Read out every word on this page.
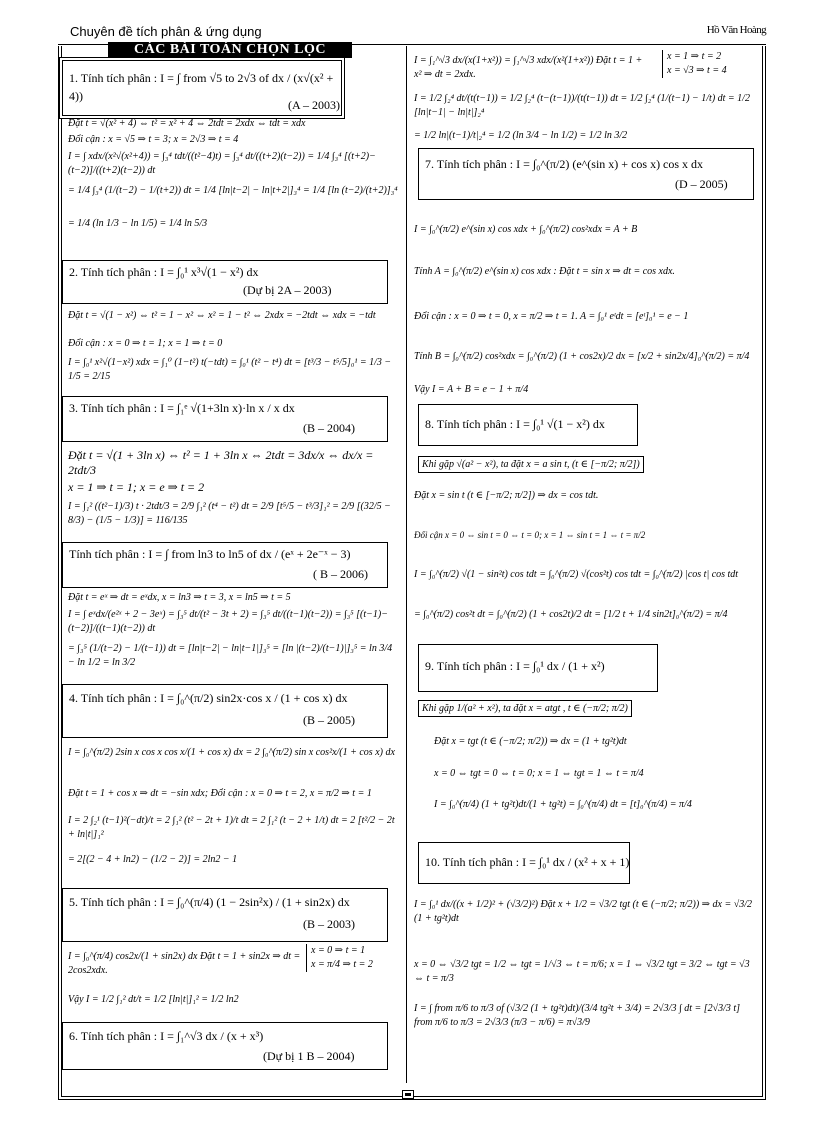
Chuyên đề tích phân & ứng dụng	Hồ Văn Hoàng
CÁC BÀI TOÁN CHỌN LỌC
1. Tính tích phân : I = ∫ from √5 to 2√3 of dx / (x√(x² + 4))
(A – 2003)
Đặt t = √(x² + 4) ⇔ t² = x² + 4 ⇔ 2tdt = 2xdx ⇔ tdt = xdx
Đổi cận : x = √5 ⇒ t = 3; x = 2√3 ⇒ t = 4
I = ∫ xdx/(x²√(x²+4)) = ∫₃⁴ tdt/((t²−4)t) = ∫₃⁴ dt/((t+2)(t−2)) = 1/4 ∫₃⁴ [(t+2)−(t−2)]/((t+2)(t−2)) dt
= 1/4 ∫₃⁴ (1/(t−2) − 1/(t+2)) dt = 1/4 [ln|t−2| − ln|t+2|]₃⁴ = 1/4 [ln (t−2)/(t+2)]₃⁴
= 1/4 (ln 1/3 − ln 1/5) = 1/4 ln 5/3
2. Tính tích phân : I = ∫₀¹ x³√(1 − x²) dx
(Dự bị 2A – 2003)
Đặt t = √(1 − x²) ⇔ t² = 1 − x² ⇔ x² = 1 − t² ⇔ 2xdx = −2tdt ⇔ xdx = −tdt
Đổi cận : x = 0 ⇒ t = 1; x = 1 ⇒ t = 0
I = ∫₀¹ x²√(1−x²) xdx = ∫₁⁰ (1−t²) t(−tdt) = ∫₀¹ (t² − t⁴) dt = [t³/3 − t⁵/5]₀¹ = 1/3 − 1/5 = 2/15
3. Tính tích phân : I = ∫₁ᵉ √(1+3ln x)·ln x / x dx
(B – 2004)
Đặt t = √(1 + 3ln x) ⇔ t² = 1 + 3ln x ⇔ 2tdt = 3dx/x ⇔ dx/x = 2tdt/3
x = 1 ⇒ t = 1; x = e ⇒ t = 2
I = ∫₁² ((t²−1)/3) t · 2tdt/3 = 2/9 ∫₁² (t⁴ − t²) dt = 2/9 [t⁵/5 − t³/3]₁² = 2/9 [(32/5 − 8/3) − (1/5 − 1/3)] = 116/135
Tính tích phân : I = ∫ from ln3 to ln5 of dx / (eˣ + 2e⁻ˣ − 3)
( B – 2006)
Đặt t = eˣ ⇒ dt = eˣdx, x = ln3 ⇒ t = 3, x = ln5 ⇒ t = 5
I = ∫ eˣdx/(e²ˣ + 2 − 3eˣ) = ∫₃⁵ dt/(t² − 3t + 2) = ∫₃⁵ dt/((t−1)(t−2)) = ∫₃⁵ [(t−1)−(t−2)]/((t−1)(t−2)) dt
= ∫₃⁵ (1/(t−2) − 1/(t−1)) dt = [ln|t−2| − ln|t−1|]₃⁵ = [ln |(t−2)/(t−1)|]₃⁵ = ln 3/4 − ln 1/2 = ln 3/2
4. Tính tích phân : I = ∫₀^(π/2) sin2x·cos x / (1 + cos x) dx
(B – 2005)
I = ∫₀^(π/2) 2sin x cos x cos x/(1 + cos x) dx = 2 ∫₀^(π/2) sin x cos²x/(1 + cos x) dx
Đặt t = 1 + cos x ⇒ dt = −sin xdx; Đổi cận : x = 0 ⇒ t = 2, x = π/2 ⇒ t = 1
I = 2 ∫₂¹ (t−1)²(−dt)/t = 2 ∫₁² (t² − 2t + 1)/t dt = 2 ∫₁² (t − 2 + 1/t) dt = 2 [t²/2 − 2t + ln|t|]₁²
= 2[(2 − 4 + ln2) − (1/2 − 2)] = 2ln2 − 1
5. Tính tích phân : I = ∫₀^(π/4) (1 − 2sin²x) / (1 + sin2x) dx
(B – 2003)
I = ∫₀^(π/4) cos2x/(1 + sin2x) dx Đặt t = 1 + sin2x ⇒ dt = 2cos2xdx.
x = 0 ⇒ t = 1
x = π/4 ⇒ t = 2
Vậy I = 1/2 ∫₁² dt/t = 1/2 [ln|t|]₁² = 1/2 ln2
6. Tính tích phân : I = ∫₁^√3 dx / (x + x³)
(Dự bị 1 B – 2004)
I = ∫₁^√3 dx/(x(1+x²)) = ∫₁^√3 xdx/(x²(1+x²)) Đặt t = 1 + x² ⇒ dt = 2xdx.
x = 1 ⇒ t = 2
x = √3 ⇒ t = 4
I = 1/2 ∫₂⁴ dt/(t(t−1)) = 1/2 ∫₂⁴ (t−(t−1))/(t(t−1)) dt = 1/2 ∫₂⁴ (1/(t−1) − 1/t) dt = 1/2 [ln|t−1| − ln|t|]₂⁴
= 1/2 ln|(t−1)/t|₂⁴ = 1/2 (ln 3/4 − ln 1/2) = 1/2 ln 3/2
7. Tính tích phân : I = ∫₀^(π/2) (e^(sin x) + cos x) cos x dx
(D – 2005)
I = ∫₀^(π/2) e^(sin x) cos xdx + ∫₀^(π/2) cos²xdx = A + B
Tính A = ∫₀^(π/2) e^(sin x) cos xdx : Đặt t = sin x ⇒ dt = cos xdx.
Đổi cận : x = 0 ⇒ t = 0, x = π/2 ⇒ t = 1. A = ∫₀¹ eᵗdt = [eᵗ]₀¹ = e − 1
Tính B = ∫₀^(π/2) cos²xdx = ∫₀^(π/2) (1 + cos2x)/2 dx = [x/2 + sin2x/4]₀^(π/2) = π/4
Vậy I = A + B = e − 1 + π/4
8. Tính tích phân : I = ∫₀¹ √(1 − x²) dx
Khi gặp √(a² − x²), ta đặt x = a sin t, (t ∈ [−π/2; π/2])
Đặt x = sin t (t ∈ [−π/2; π/2]) ⇒ dx = cos tdt.
Đổi cận x = 0 ⇔ sin t = 0 ⇔ t = 0; x = 1 ⇔ sin t = 1 ⇔ t = π/2
I = ∫₀^(π/2) √(1 − sin²t) cos tdt = ∫₀^(π/2) √(cos²t) cos tdt = ∫₀^(π/2) |cos t| cos tdt
= ∫₀^(π/2) cos²t dt = ∫₀^(π/2) (1 + cos2t)/2 dt = [1/2 t + 1/4 sin2t]₀^(π/2) = π/4
9. Tính tích phân : I = ∫₀¹ dx / (1 + x²)
Khi gặp 1/(a² + x²), ta đặt x = atgt , t ∈ (−π/2; π/2)
Đặt x = tgt (t ∈ (−π/2; π/2)) ⇒ dx = (1 + tg²t)dt
x = 0 ⇔ tgt = 0 ⇔ t = 0; x = 1 ⇔ tgt = 1 ⇔ t = π/4
I = ∫₀^(π/4) (1 + tg²t)dt/(1 + tg²t) = ∫₀^(π/4) dt = [t]₀^(π/4) = π/4
10. Tính tích phân : I = ∫₀¹ dx / (x² + x + 1)
I = ∫₀¹ dx/((x + 1/2)² + (√3/2)²) Đặt x + 1/2 = √3/2 tgt (t ∈ (−π/2; π/2)) ⇒ dx = √3/2 (1 + tg²t)dt
x = 0 ⇔ √3/2 tgt = 1/2 ⇔ tgt = 1/√3 ⇔ t = π/6; x = 1 ⇔ √3/2 tgt = 3/2 ⇔ tgt = √3 ⇔ t = π/3
I = ∫ from π/6 to π/3 of (√3/2 (1 + tg²t)dt)/(3/4 tg²t + 3/4) = 2√3/3 ∫ dt = [2√3/3 t] from π/6 to π/3 = 2√3/3 (π/3 − π/6) = π√3/9
